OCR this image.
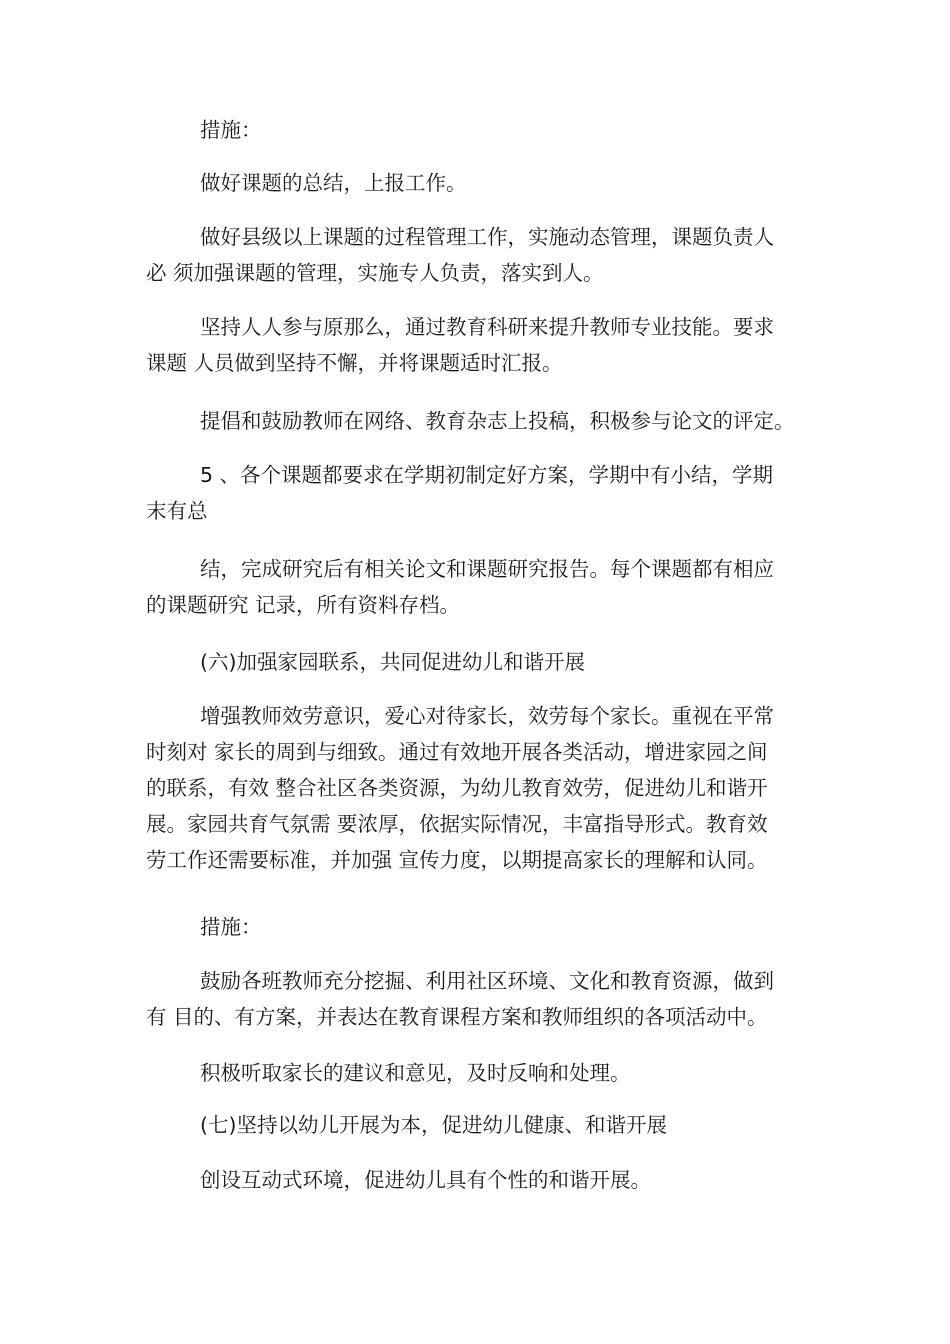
措施：

做好课题的总结，上报工作。

做好县级以上课题的过程管理工作，实施动态管理，课题负责人
必 须加强课题的管理，实施专人负责，落实到人。

坚持人人参与原那么，通过教育科研来提升教师专业技能。要求
课题 人员做到坚持不懈，并将课题适时汇报。

提倡和鼓励教师在网络、教育杂志上投稿，积极参与论文的评定。

5 、各个课题都要求在学期初制定好方案，学期中有小结，学期
末有总

结，完成研究后有相关论文和课题研究报告。每个课题都有相应
的课题研究 记录，所有资料存档。

(六)加强家园联系，共同促进幼儿和谐开展

增强教师效劳意识，爱心对待家长，效劳每个家长。重视在平常
时刻对 家长的周到与细致。通过有效地开展各类活动，增进家园之间
的联系，有效 整合社区各类资源，为幼儿教育效劳，促进幼儿和谐开
展。家园共育气氛需 要浓厚，依据实际情况，丰富指导形式。教育效
劳工作还需要标准，并加强 宣传力度，以期提高家长的理解和认同。

措施：

鼓励各班教师充分挖掘、利用社区环境、文化和教育资源，做到
有 目的、有方案，并表达在教育课程方案和教师组织的各项活动中。

积极听取家长的建议和意见，及时反响和处理。

(七)坚持以幼儿开展为本，促进幼儿健康、和谐开展

创设互动式环境，促进幼儿具有个性的和谐开展。
